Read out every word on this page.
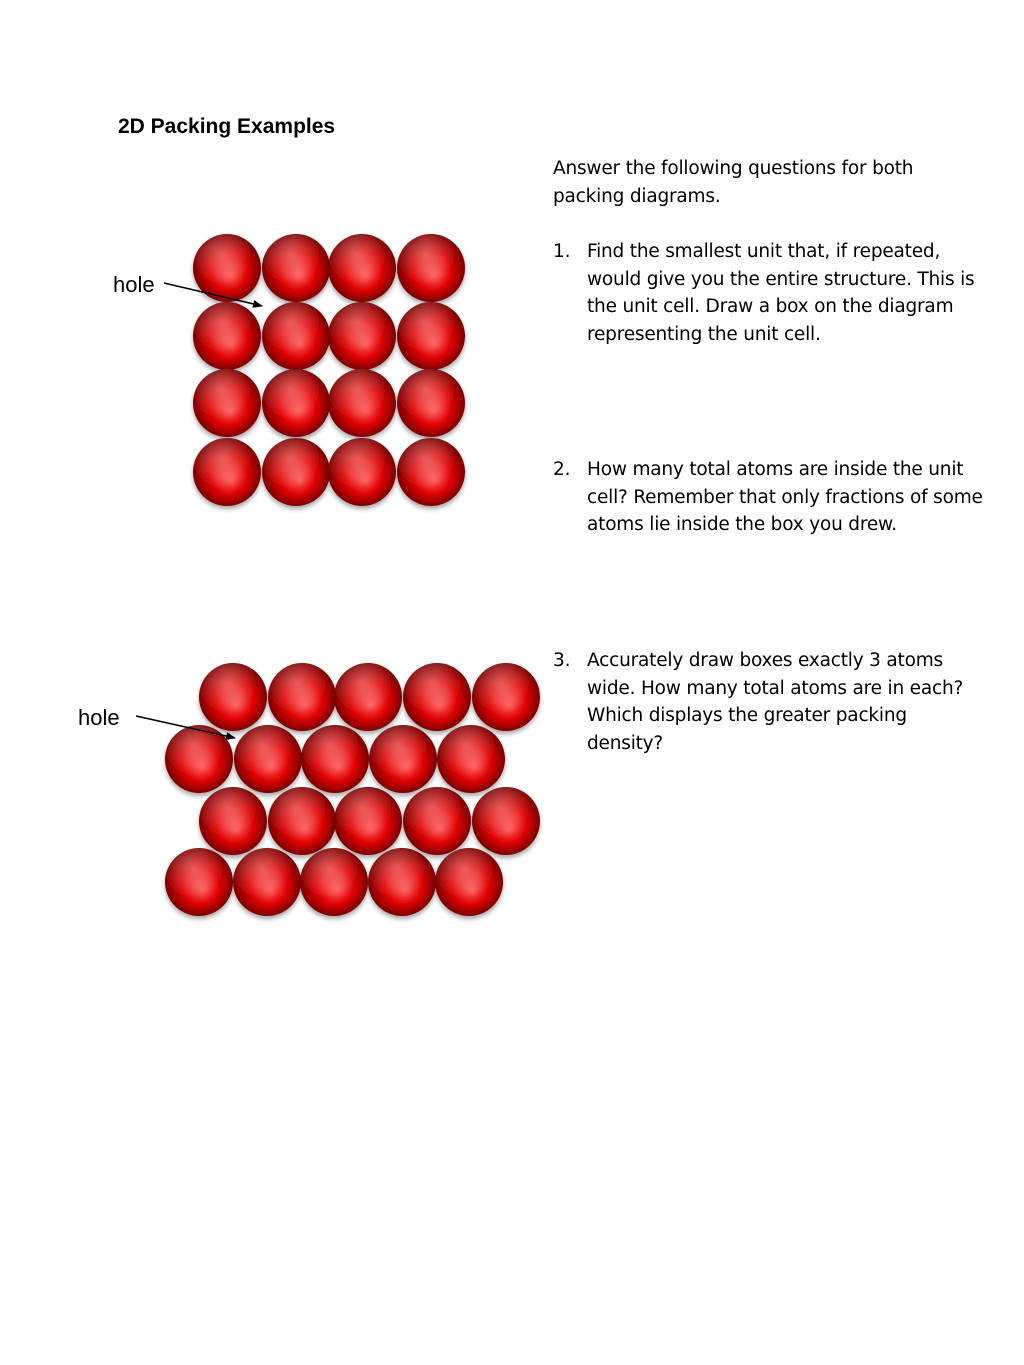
2D Packing Examples

Answer the following questions for both packing diagrams.

1. Find the smallest unit that, if repeated, would give you the entire structure. This is the unit cell. Draw a box on the diagram representing the unit cell.
2. How many total atoms are inside the unit cell? Remember that only fractions of some atoms lie inside the box you drew.
3. Accurately draw boxes exactly 3 atoms wide. How many total atoms are in each? Which displays the greater packing density?
hole
hole
